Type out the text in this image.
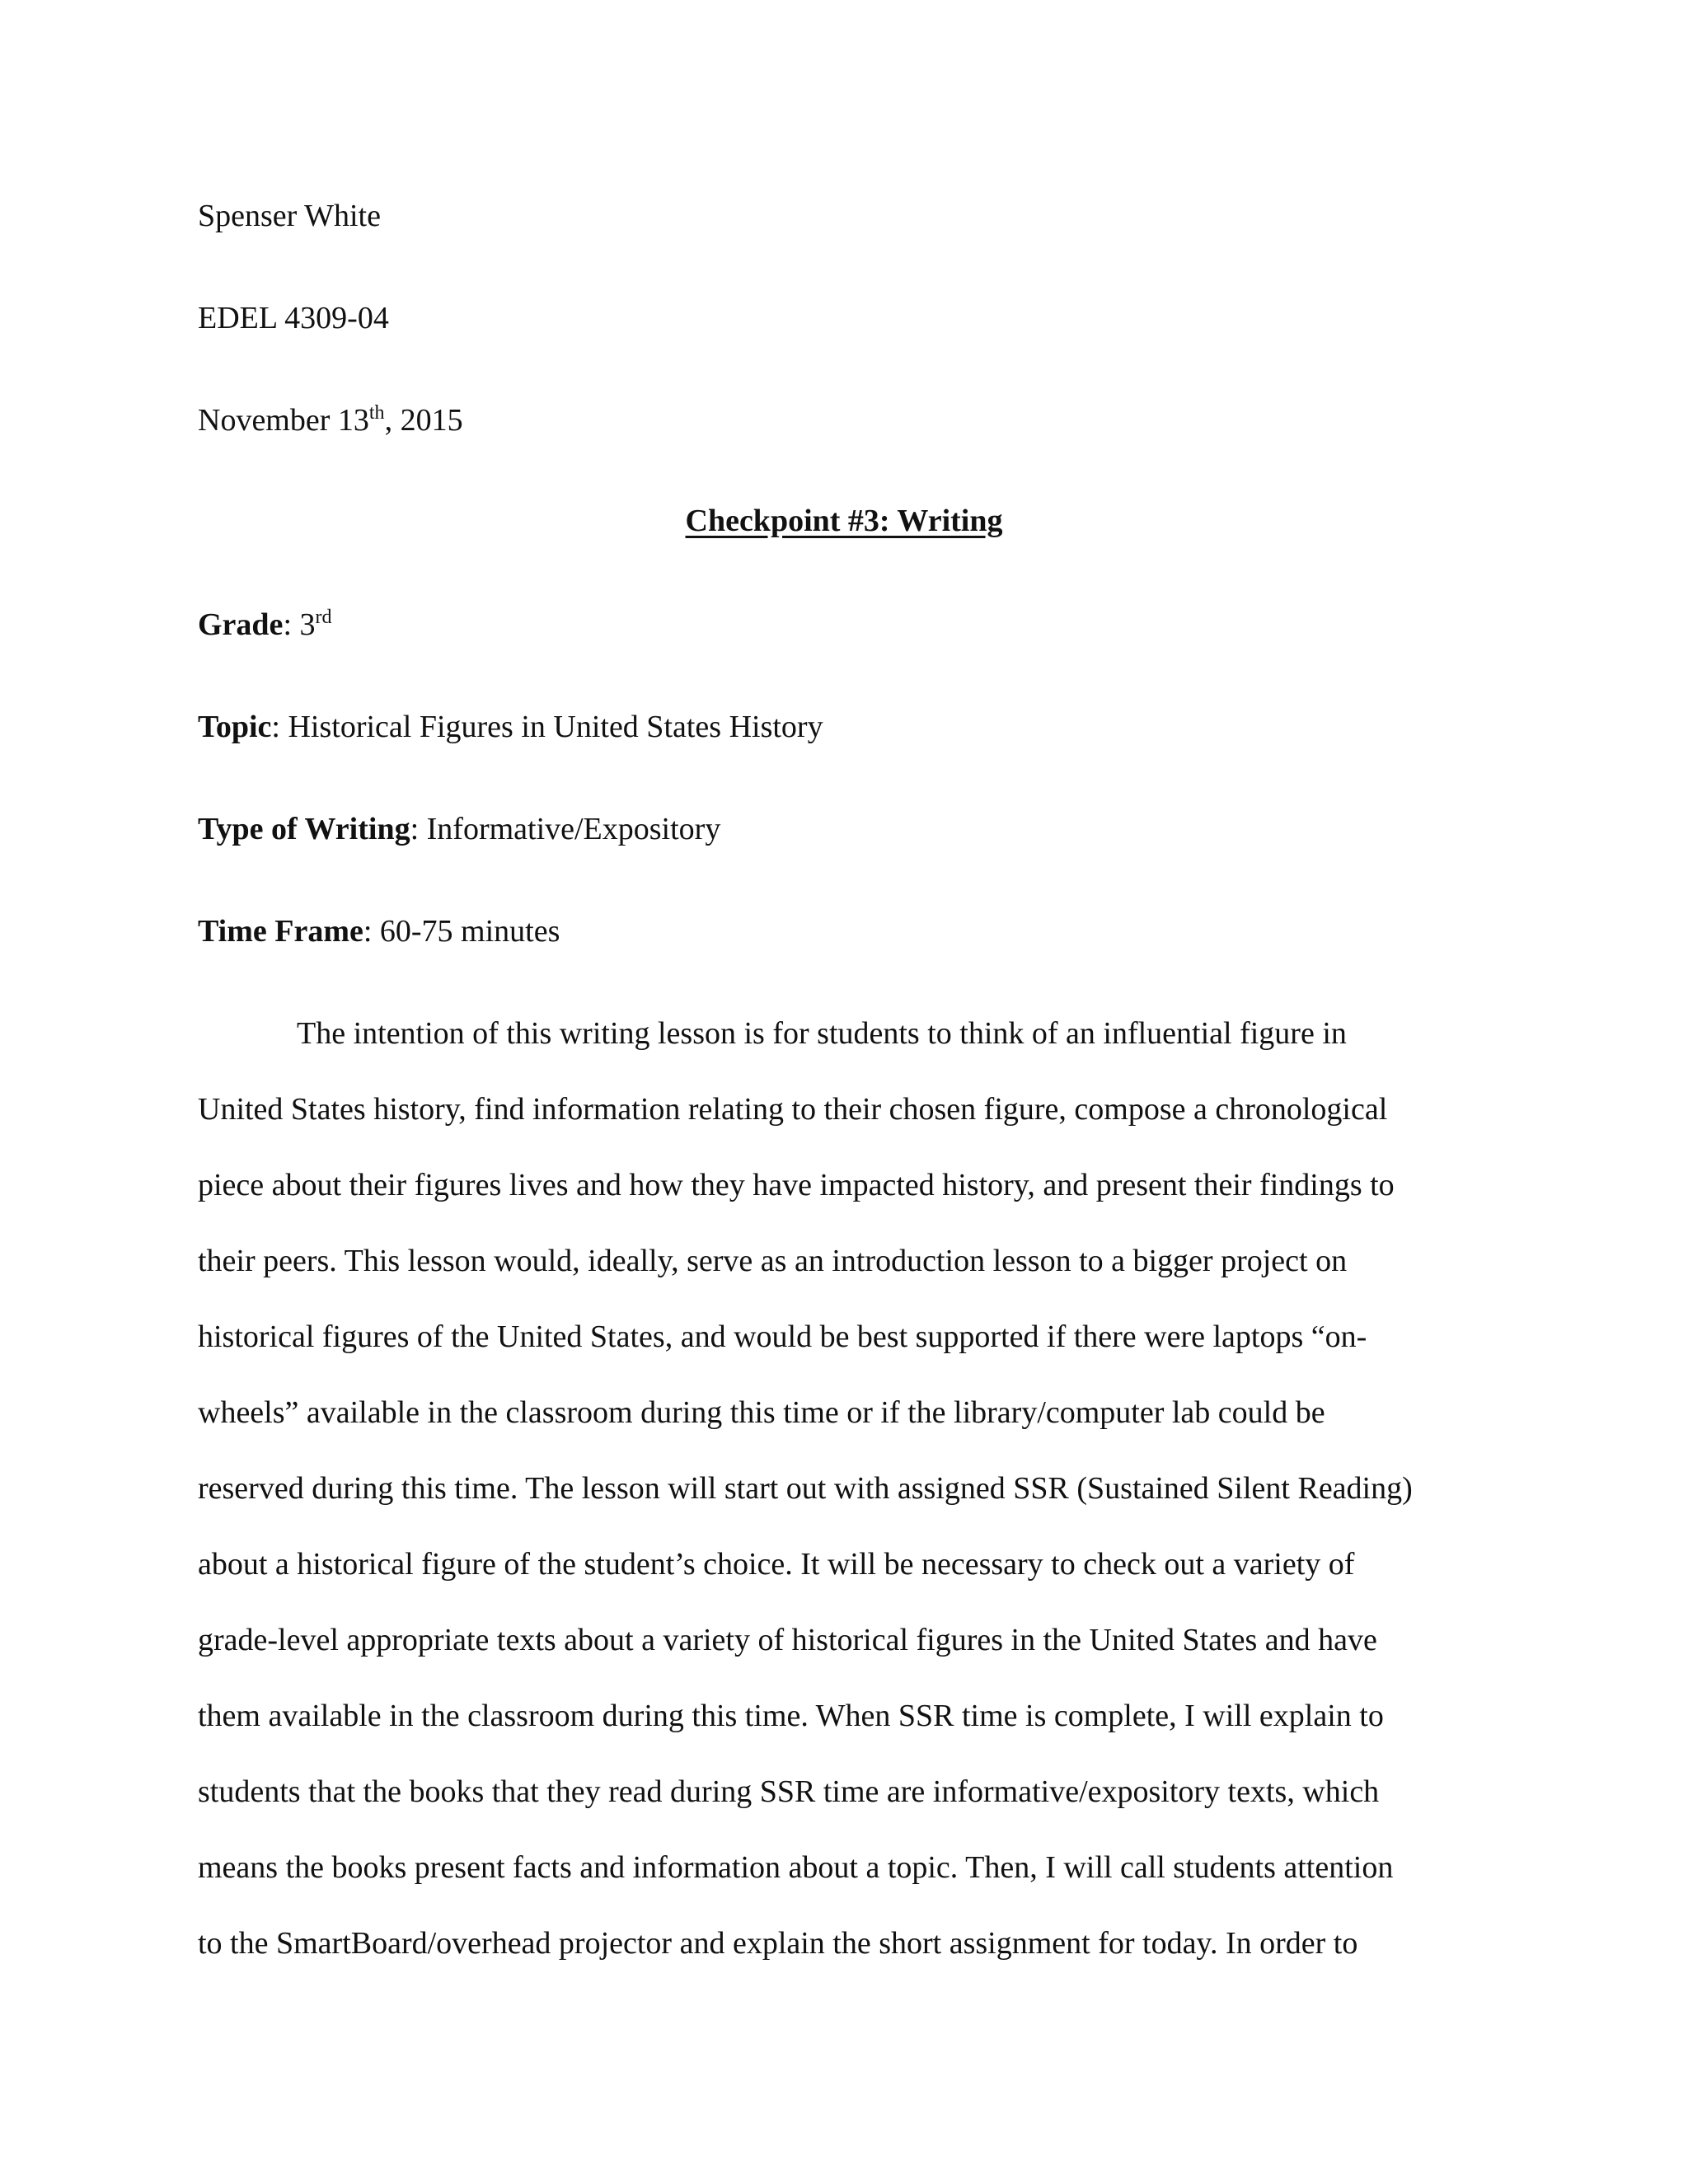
Spenser White
EDEL 4309-04
November 13th, 2015
Checkpoint #3: Writing
Grade: 3rd
Topic: Historical Figures in United States History
Type of Writing: Informative/Expository
Time Frame: 60-75 minutes
The intention of this writing lesson is for students to think of an influential figure in
United States history, find information relating to their chosen figure, compose a chronological
piece about their figures lives and how they have impacted history, and present their findings to
their peers. This lesson would, ideally, serve as an introduction lesson to a bigger project on
historical figures of the United States, and would be best supported if there were laptops “on-
wheels” available in the classroom during this time or if the library/computer lab could be
reserved during this time. The lesson will start out with assigned SSR (Sustained Silent Reading)
about a historical figure of the student’s choice. It will be necessary to check out a variety of
grade-level appropriate texts about a variety of historical figures in the United States and have
them available in the classroom during this time. When SSR time is complete, I will explain to
students that the books that they read during SSR time are informative/expository texts, which
means the books present facts and information about a topic. Then, I will call students attention
to the SmartBoard/overhead projector and explain the short assignment for today. In order to
